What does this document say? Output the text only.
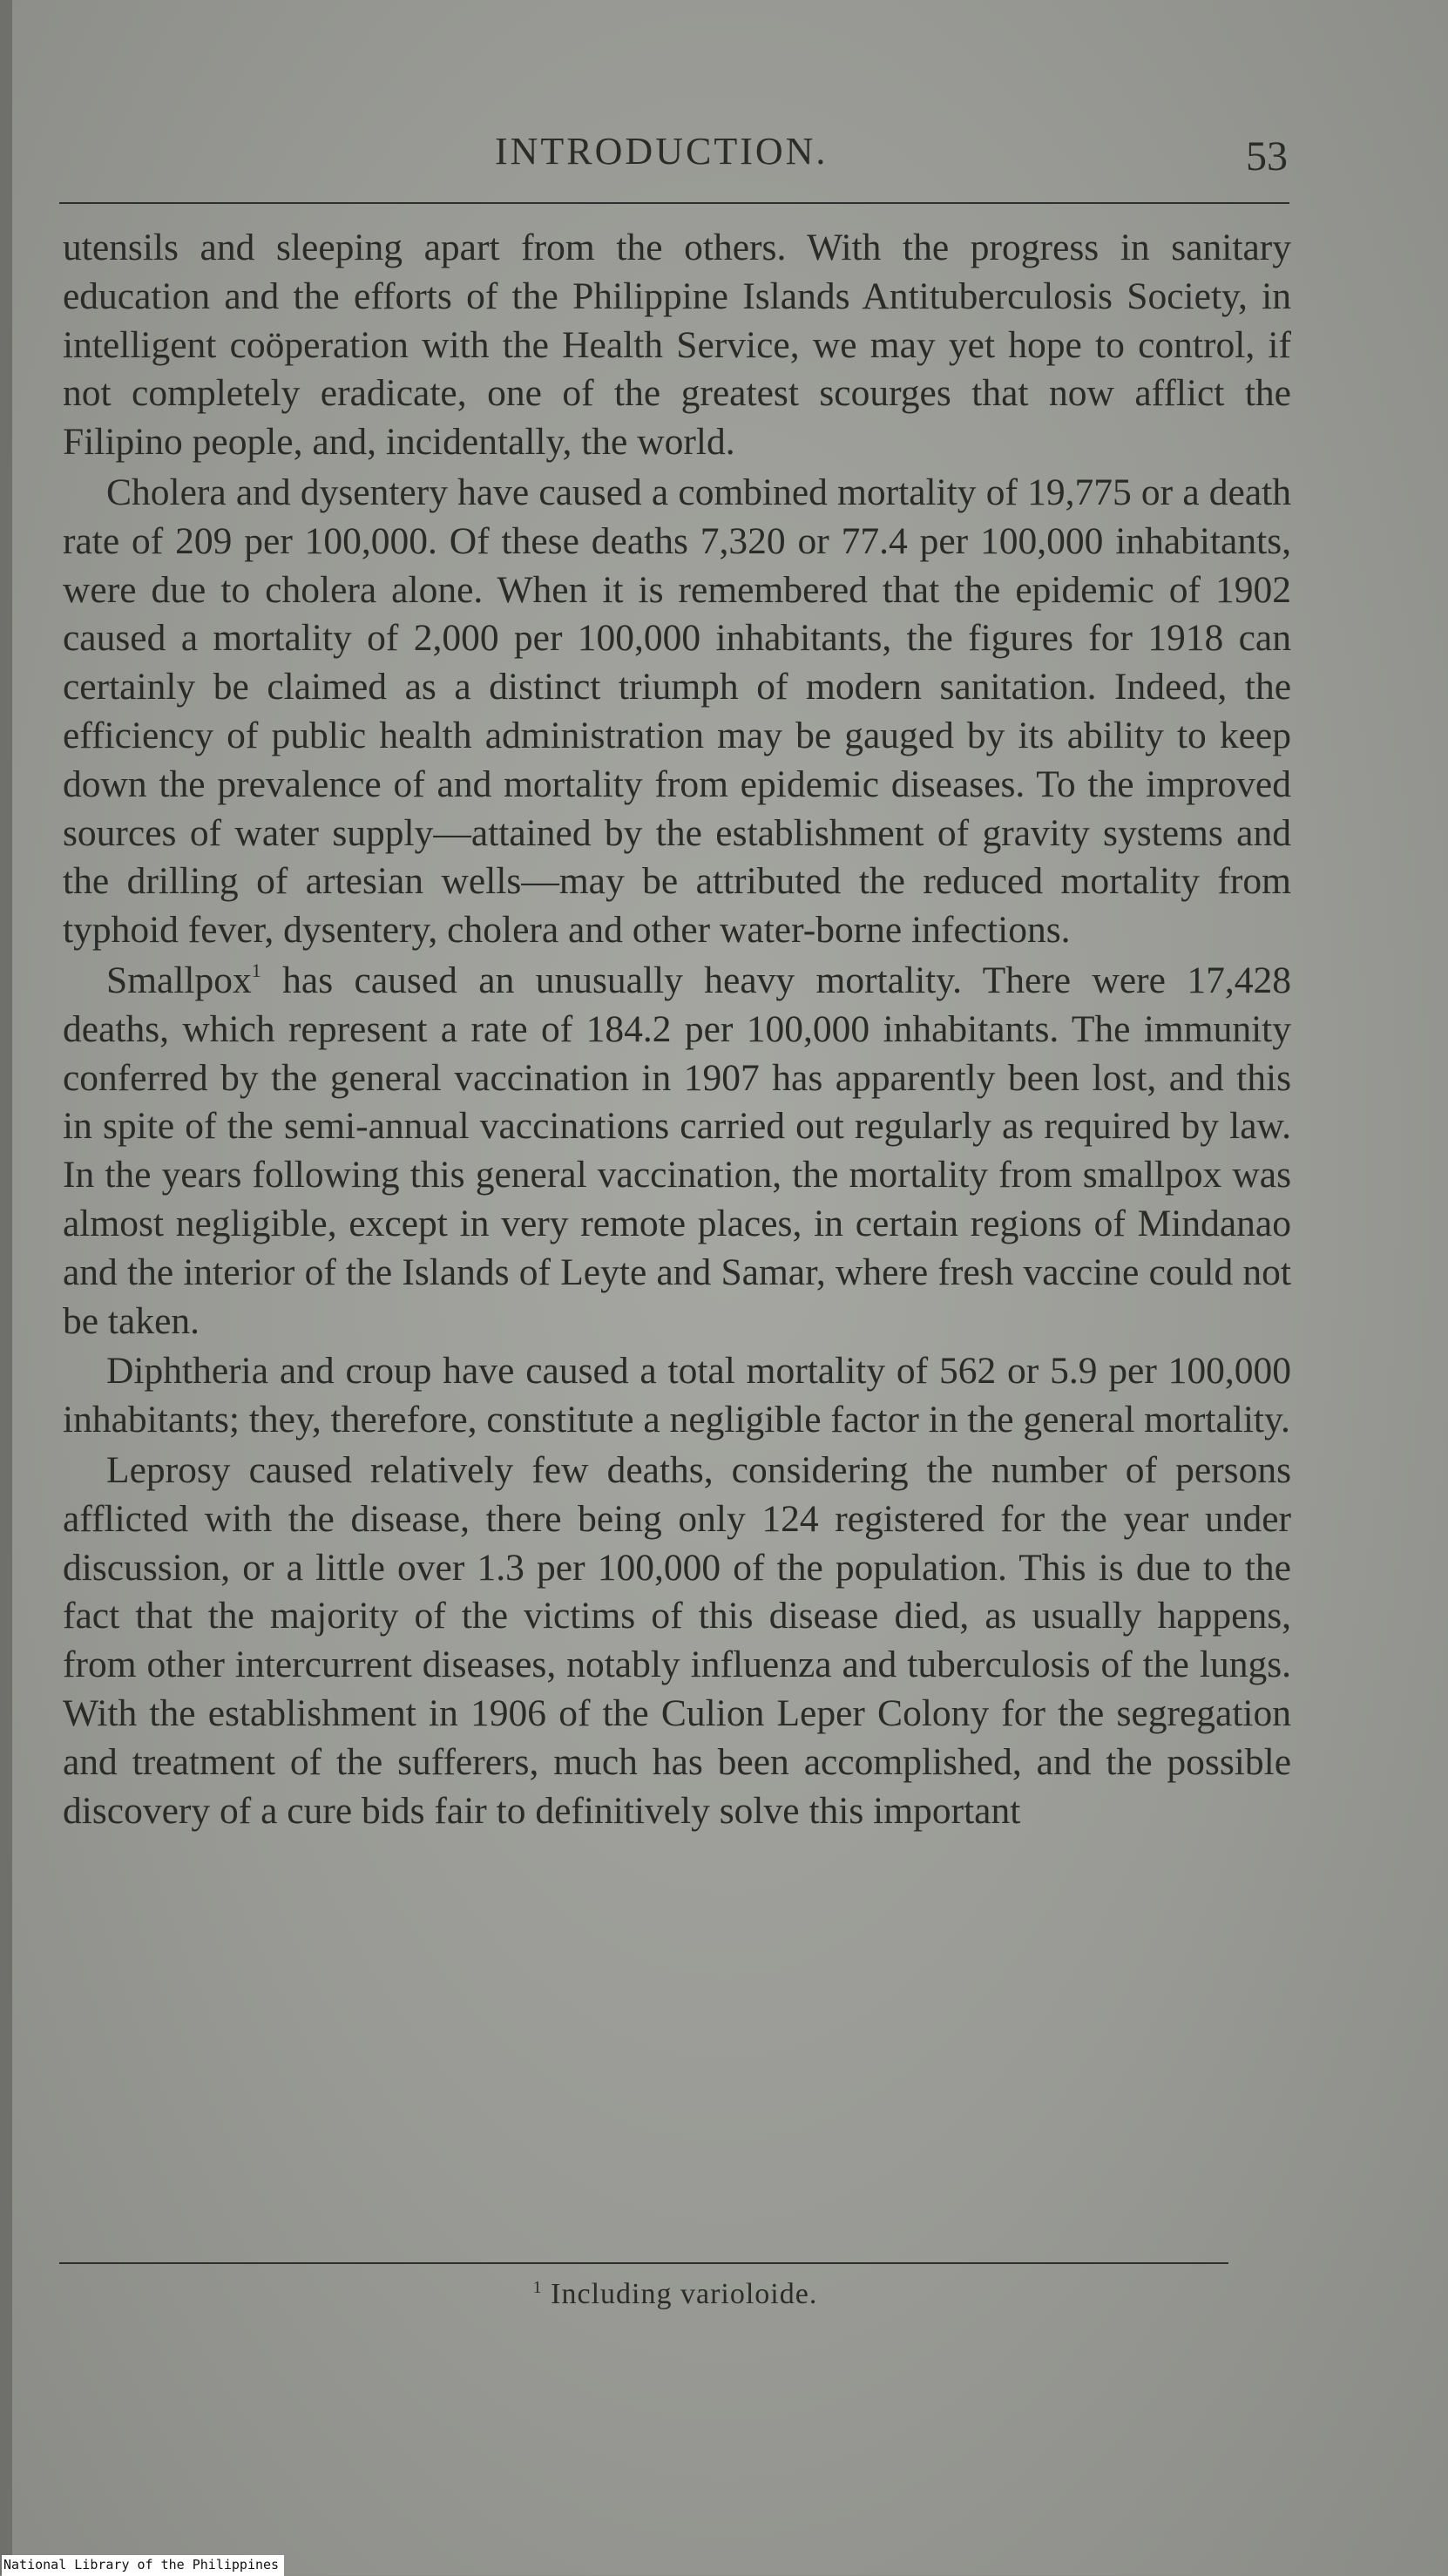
INTRODUCTION.	53

utensils and sleeping apart from the others. With the progress in sanitary education and the efforts of the Philippine Islands Antituberculosis Society, in intelligent coöperation with the Health Service, we may yet hope to control, if not completely eradicate, one of the greatest scourges that now afflict the Filipino people, and, incidentally, the world.

Cholera and dysentery have caused a combined mortality of 19,775 or a death rate of 209 per 100,000. Of these deaths 7,320 or 77.4 per 100,000 inhabitants, were due to cholera alone. When it is remembered that the epidemic of 1902 caused a mortality of 2,000 per 100,000 inhabitants, the figures for 1918 can certainly be claimed as a distinct triumph of modern sanitation. Indeed, the efficiency of public health administration may be gauged by its ability to keep down the prevalence of and mortality from epidemic diseases. To the improved sources of water supply—attained by the establishment of gravity systems and the drilling of artesian wells—may be attributed the reduced mortality from typhoid fever, dysentery, cholera and other water-borne infections.

Smallpox$^1$ has caused an unusually heavy mortality. There were 17,428 deaths, which represent a rate of 184.2 per 100,000 inhabitants. The immunity conferred by the general vaccination in 1907 has apparently been lost, and this in spite of the semi-annual vaccinations carried out regularly as required by law. In the years following this general vaccination, the mortality from smallpox was almost negligible, except in very remote places, in certain regions of Mindanao and the interior of the Islands of Leyte and Samar, where fresh vaccine could not be taken.

Diphtheria and croup have caused a total mortality of 562 or 5.9 per 100,000 inhabitants; they, therefore, constitute a negligible factor in the general mortality.

Leprosy caused relatively few deaths, considering the number of persons afflicted with the disease, there being only 124 registered for the year under discussion, or a little over 1.3 per 100,000 of the population. This is due to the fact that the majority of the victims of this disease died, as usually happens, from other intercurrent diseases, notably influenza and tuberculosis of the lungs. With the establishment in 1906 of the Culion Leper Colony for the segregation and treatment of the sufferers, much has been accomplished, and the possible discovery of a cure bids fair to definitively solve this important

$^1$ Including varioloide.
National Library of the Philippines
